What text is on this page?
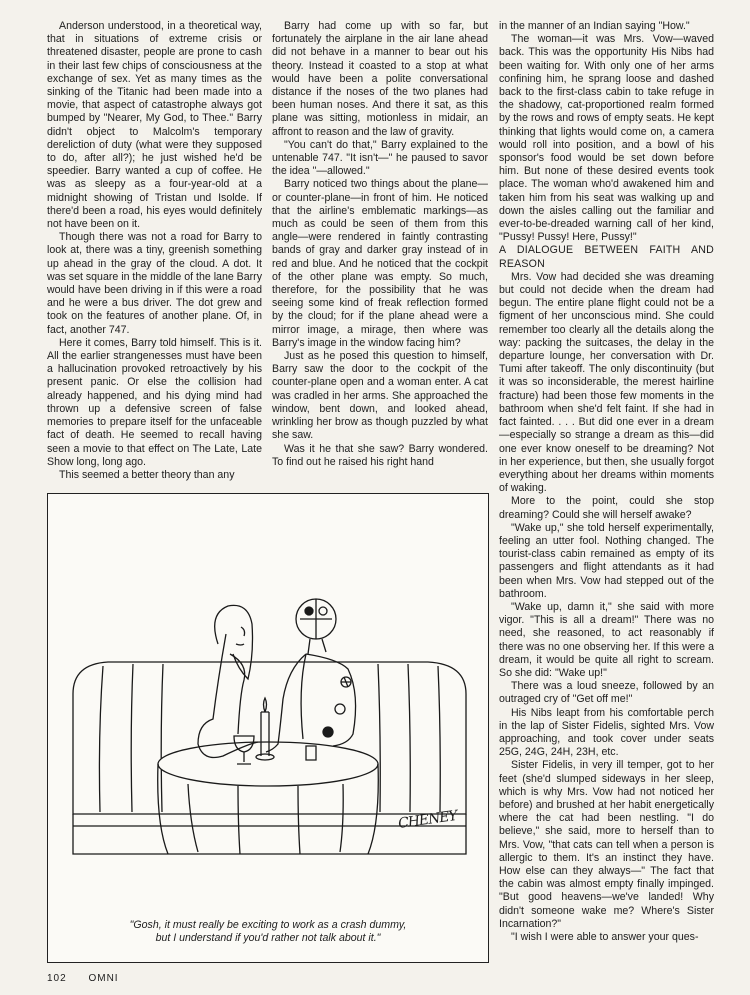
Anderson understood, in a theoretical way, that in situations of extreme crisis or threatened disaster, people are prone to cash in their last few chips of consciousness at the exchange of sex. Yet as many times as the sinking of the Titanic had been made into a movie, that aspect of catastrophe always got bumped by "Nearer, My God, to Thee." Barry didn't object to Malcolm's temporary dereliction of duty (what were they supposed to do, after all?); he just wished he'd be speedier. Barry wanted a cup of coffee. He was as sleepy as a four-year-old at a midnight showing of Tristan und Isolde. If there'd been a road, his eyes would definitely not have been on it.

Though there was not a road for Barry to look at, there was a tiny, greenish something up ahead in the gray of the cloud. A dot. It was set square in the middle of the lane Barry would have been driving in if this were a road and he were a bus driver. The dot grew and took on the features of another plane. Of, in fact, another 747.

Here it comes, Barry told himself. This is it. All the earlier strangenesses must have been a hallucination provoked retroactively by his present panic. Or else the collision had already happened, and his dying mind had thrown up a defensive screen of false memories to prepare itself for the unfaceable fact of death. He seemed to recall having seen a movie to that effect on The Late, Late Show long, long ago.

This seemed a better theory than any

Barry had come up with so far, but fortunately the airplane in the air lane ahead did not behave in a manner to bear out his theory. Instead it coasted to a stop at what would have been a polite conversational distance if the noses of the two planes had been human noses. And there it sat, as this plane was sitting, motionless in midair, an affront to reason and the law of gravity.

"You can't do that," Barry explained to the untenable 747. "It isn't—" he paused to savor the idea "—allowed."

Barry noticed two things about the plane—or counter-plane—in front of him. He noticed that the airline's emblematic markings—as much as could be seen of them from this angle—were rendered in faintly contrasting bands of gray and darker gray instead of in red and blue. And he noticed that the cockpit of the other plane was empty. So much, therefore, for the possibility that he was seeing some kind of freak reflection formed by the cloud; for if the plane ahead were a mirror image, a mirage, then where was Barry's image in the window facing him?

Just as he posed this question to himself, Barry saw the door to the cockpit of the counter-plane open and a woman enter. A cat was cradled in her arms. She approached the window, bent down, and looked ahead, wrinkling her brow as though puzzled by what she saw.

Was it he that she saw? Barry wondered. To find out he raised his right hand

in the manner of an Indian saying "How."

The woman—it was Mrs. Vow—waved back. This was the opportunity His Nibs had been waiting for. With only one of her arms confining him, he sprang loose and dashed back to the first-class cabin to take refuge in the shadowy, cat-proportioned realm formed by the rows and rows of empty seats. He kept thinking that lights would come on, a camera would roll into position, and a bowl of his sponsor's food would be set down before him. But none of these desired events took place. The woman who'd awakened him and taken him from his seat was walking up and down the aisles calling out the familiar and ever-to-be-dreaded warning call of her kind, "Pussy! Pussy! Here, Pussy!"

A DIALOGUE BETWEEN FAITH AND REASON

Mrs. Vow had decided she was dreaming but could not decide when the dream had begun. The entire plane flight could not be a figment of her unconscious mind. She could remember too clearly all the details along the way: packing the suitcases, the delay in the departure lounge, her conversation with Dr. Tumi after takeoff. The only discontinuity (but it was so inconsiderable, the merest hairline fracture) had been those few moments in the bathroom when she'd felt faint. If she had in fact fainted. . . . But did one ever in a dream—especially so strange a dream as this—did one ever know oneself to be dreaming? Not in her experience, but then, she usually forgot everything about her dreams within moments of waking.

More to the point, could she stop dreaming? Could she will herself awake?

"Wake up," she told herself experimentally, feeling an utter fool. Nothing changed. The tourist-class cabin remained as empty of its passengers and flight attendants as it had been when Mrs. Vow had stepped out of the bathroom.

"Wake up, damn it," she said with more vigor. "This is all a dream!" There was no need, she reasoned, to act reasonably if there was no one observing her. If this were a dream, it would be quite all right to scream. So she did: "Wake up!"

There was a loud sneeze, followed by an outraged cry of "Get off me!"

His Nibs leapt from his comfortable perch in the lap of Sister Fidelis, sighted Mrs. Vow approaching, and took cover under seats 25G, 24G, 24H, 23H, etc.

Sister Fidelis, in very ill temper, got to her feet (she'd slumped sideways in her sleep, which is why Mrs. Vow had not noticed her before) and brushed at her habit energetically where the cat had been nestling. "I do believe," she said, more to herself than to Mrs. Vow, "that cats can tell when a person is allergic to them. It's an instinct they have. How else can they always—" The fact that the cabin was almost empty finally impinged. "But good heavens—we've landed! Why didn't someone wake me? Where's Sister Incarnation?"

"I wish I were able to answer your ques-

CHENEY
"Gosh, it must really be exciting to work as a crash dummy,
but I understand if you'd rather not talk about it."
102 OMNI
